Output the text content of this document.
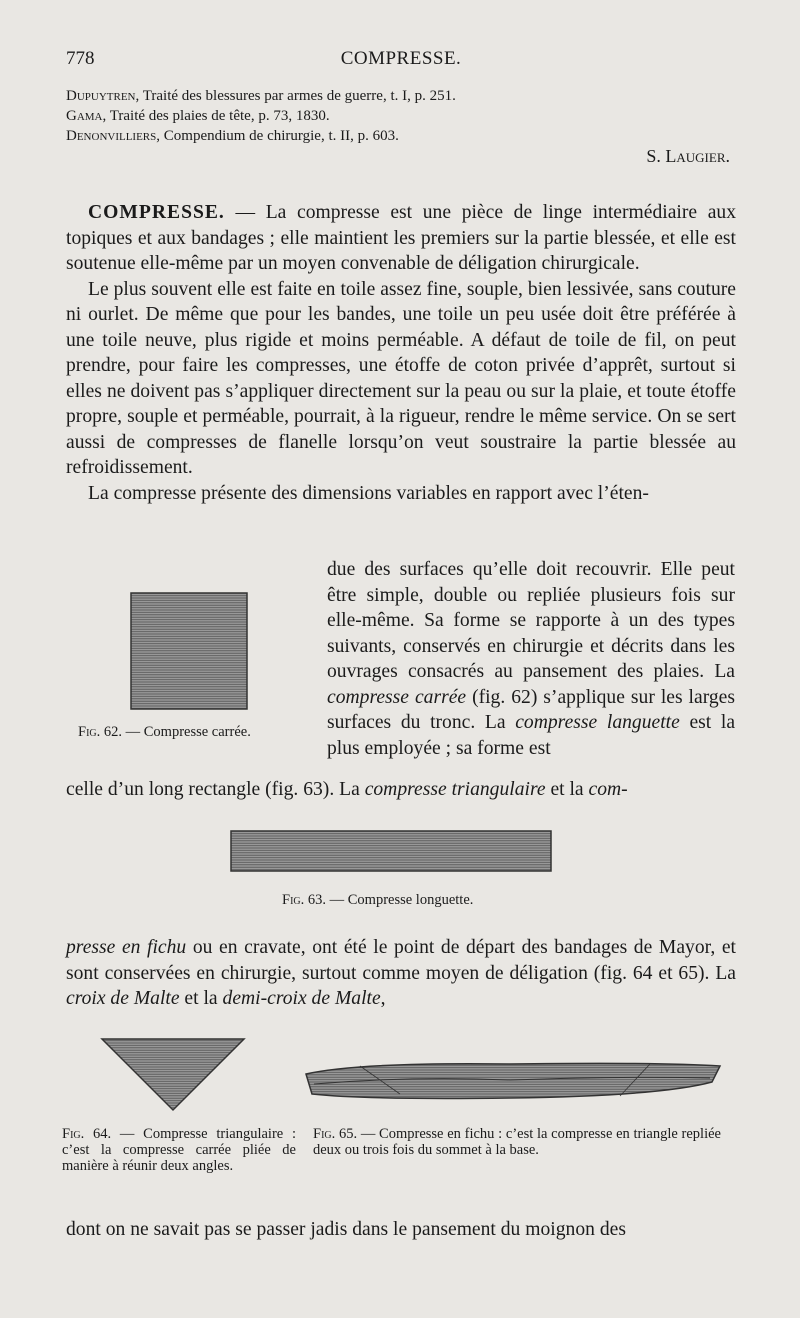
778	COMPRESSE.
Dupuytren, Traité des blessures par armes de guerre, t. I, p. 251.
Gama, Traité des plaies de tête, p. 73, 1830.
Denonvilliers, Compendium de chirurgie, t. II, p. 603.
S. Laugier.

COMPRESSE. — La compresse est une pièce de linge intermédiaire aux topiques et aux bandages ; elle maintient les premiers sur la partie blessée, et elle est soutenue elle-même par un moyen convenable de déligation chirurgicale.

Le plus souvent elle est faite en toile assez fine, souple, bien lessivée, sans couture ni ourlet. De même que pour les bandes, une toile un peu usée doit être préférée à une toile neuve, plus rigide et moins perméable. A défaut de toile de fil, on peut prendre, pour faire les compresses, une étoffe de coton privée d’apprêt, surtout si elles ne doivent pas s’appliquer directement sur la peau ou sur la plaie, et toute étoffe propre, souple et perméable, pourrait, à la rigueur, rendre le même service. On se sert aussi de compresses de flanelle lorsqu’on veut soustraire la partie blessée au refroidissement.

La compresse présente des dimensions variables en rapport avec l’éten-

Fig. 62. — Compresse carrée.

due des surfaces qu’elle doit recouvrir. Elle peut être simple, double ou repliée plusieurs fois sur elle-même. Sa forme se rapporte à un des types suivants, conservés en chirurgie et décrits dans les ouvrages consacrés au pansement des plaies. La compresse carrée (fig. 62) s’applique sur les larges surfaces du tronc. La compresse languette est la plus employée ; sa forme est

celle d’un long rectangle (fig. 63). La compresse triangulaire et la com-

Fig. 63. — Compresse longuette.

presse en fichu ou en cravate, ont été le point de départ des bandages de Mayor, et sont conservées en chirurgie, surtout comme moyen de déligation (fig. 64 et 65). La croix de Malte et la demi-croix de Malte,

Fig. 64. — Compresse triangulaire : c’est la compresse carrée pliée de manière à réunir deux angles.
Fig. 65. — Compresse en fichu : c’est la compresse en triangle repliée deux ou trois fois du sommet à la base.

dont on ne savait pas se passer jadis dans le pansement du moignon des
